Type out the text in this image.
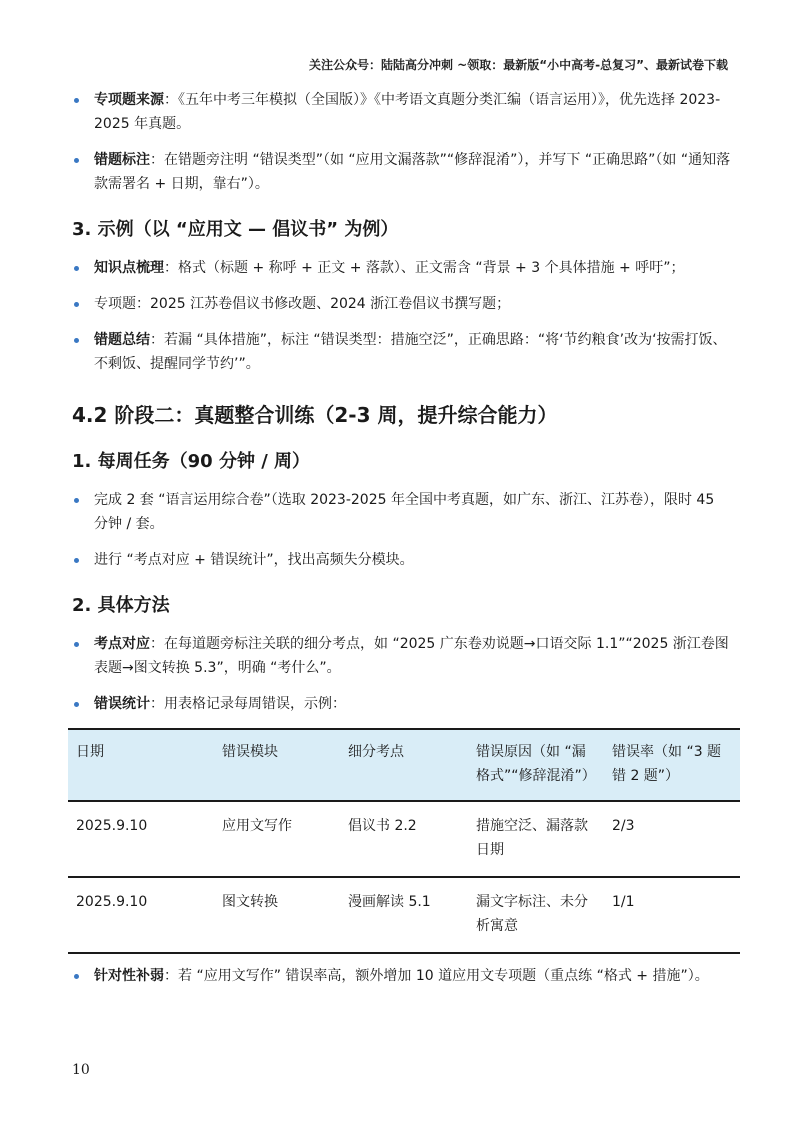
关注公众号：陆陆高分冲刺 ~领取：最新版“小中高考-总复习”、最新试卷下载
专项题来源：《五年中考三年模拟（全国版）》《中考语文真题分类汇编（语言运用）》，优先选择 2023-2025 年真题。
错题标注：在错题旁注明 “错误类型”（如 “应用文漏落款”“修辞混淆”），并写下 “正确思路”（如 “通知落款需署名 + 日期，靠右”）。
3. 示例（以 “应用文 — 倡议书” 为例）
知识点梳理：格式（标题 + 称呼 + 正文 + 落款）、正文需含 “背景 + 3 个具体措施 + 呼吁”；
专项题：2025 江苏卷倡议书修改题、2024 浙江卷倡议书撰写题；
错题总结：若漏 “具体措施”，标注 “错误类型：措施空泛”，正确思路：“将‘节约粮食’改为‘按需打饭、不剩饭、提醒同学节约’”。
4.2 阶段二：真题整合训练（2-3 周，提升综合能力）
1. 每周任务（90 分钟 / 周）
完成 2 套 “语言运用综合卷”（选取 2023-2025 年全国中考真题，如广东、浙江、江苏卷），限时 45 分钟 / 套。
进行 “考点对应 + 错误统计”，找出高频失分模块。
2. 具体方法
考点对应：在每道题旁标注关联的细分考点，如 “2025 广东卷劝说题→口语交际 1.1”“2025 浙江卷图表题→图文转换 5.3”，明确 “考什么”。
错误统计：用表格记录每周错误，示例：
日期	错误模块	细分考点	错误原因（如 “漏格式”“修辞混淆”）	错误率（如 “3 题错 2 题”）
2025.9.10	应用文写作	倡议书 2.2	措施空泛、漏落款日期	2/3
2025.9.10	图文转换	漫画解读 5.1	漏文字标注、未分析寓意	1/1
针对性补弱：若 “应用文写作” 错误率高，额外增加 10 道应用文专项题（重点练 “格式 + 措施”）。
10
